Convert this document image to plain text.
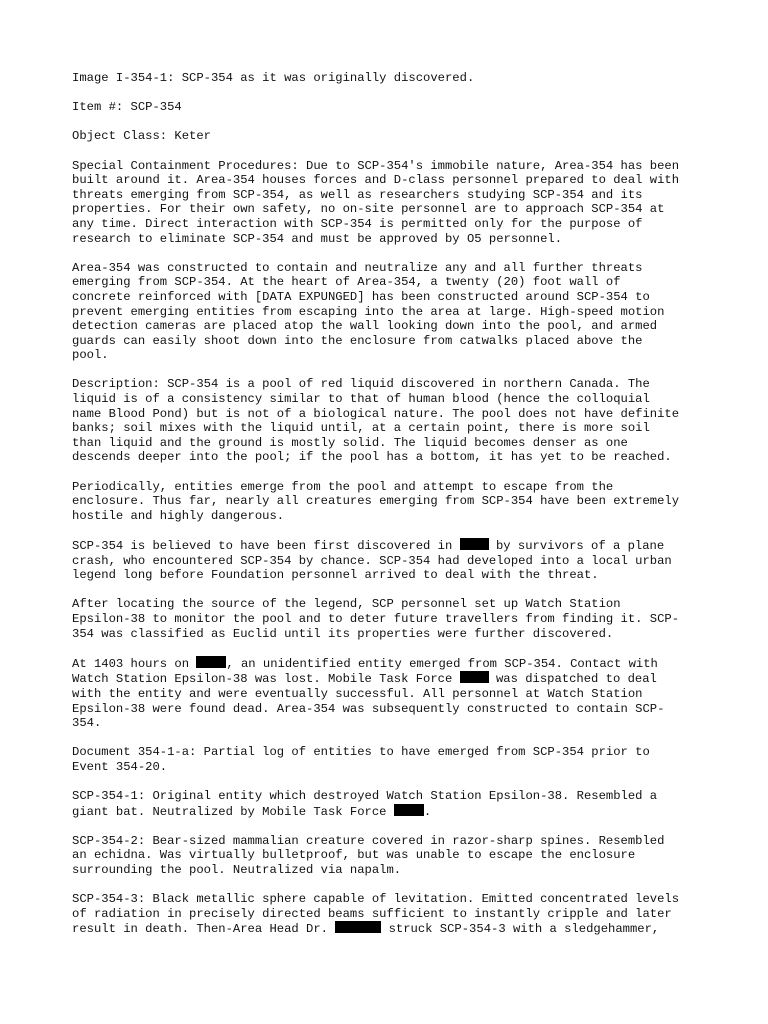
Image I-354-1: SCP-354 as it was originally discovered.
Item #: SCP-354
Object Class: Keter
Special Containment Procedures: Due to SCP-354's immobile nature, Area-354 has been
built around it. Area-354 houses forces and D-class personnel prepared to deal with
threats emerging from SCP-354, as well as researchers studying SCP-354 and its
properties. For their own safety, no on-site personnel are to approach SCP-354 at
any time. Direct interaction with SCP-354 is permitted only for the purpose of
research to eliminate SCP-354 and must be approved by O5 personnel.
Area-354 was constructed to contain and neutralize any and all further threats
emerging from SCP-354. At the heart of Area-354, a twenty (20) foot wall of
concrete reinforced with [DATA EXPUNGED] has been constructed around SCP-354 to
prevent emerging entities from escaping into the area at large. High-speed motion
detection cameras are placed atop the wall looking down into the pool, and armed
guards can easily shoot down into the enclosure from catwalks placed above the
pool.
Description: SCP-354 is a pool of red liquid discovered in northern Canada. The
liquid is of a consistency similar to that of human blood (hence the colloquial
name Blood Pond) but is not of a biological nature. The pool does not have definite
banks; soil mixes with the liquid until, at a certain point, there is more soil
than liquid and the ground is mostly solid. The liquid becomes denser as one
descends deeper into the pool; if the pool has a bottom, it has yet to be reached.
Periodically, entities emerge from the pool and attempt to escape from the
enclosure. Thus far, nearly all creatures emerging from SCP-354 have been extremely
hostile and highly dangerous.
SCP-354 is believed to have been first discovered in  by survivors of a plane
crash, who encountered SCP-354 by chance. SCP-354 had developed into a local urban
legend long before Foundation personnel arrived to deal with the threat.
After locating the source of the legend, SCP personnel set up Watch Station
Epsilon-38 to monitor the pool and to deter future travellers from finding it. SCP-
354 was classified as Euclid until its properties were further discovered.
At 1403 hours on , an unidentified entity emerged from SCP-354. Contact with
Watch Station Epsilon-38 was lost. Mobile Task Force  was dispatched to deal
with the entity and were eventually successful. All personnel at Watch Station
Epsilon-38 were found dead. Area-354 was subsequently constructed to contain SCP-
354.
Document 354-1-a: Partial log of entities to have emerged from SCP-354 prior to
Event 354-20.
SCP-354-1: Original entity which destroyed Watch Station Epsilon-38. Resembled a
giant bat. Neutralized by Mobile Task Force .
SCP-354-2: Bear-sized mammalian creature covered in razor-sharp spines. Resembled
an echidna. Was virtually bulletproof, but was unable to escape the enclosure
surrounding the pool. Neutralized via napalm.
SCP-354-3: Black metallic sphere capable of levitation. Emitted concentrated levels
of radiation in precisely directed beams sufficient to instantly cripple and later
result in death. Then-Area Head Dr.	struck SCP-354-3 with a sledgehammer,
